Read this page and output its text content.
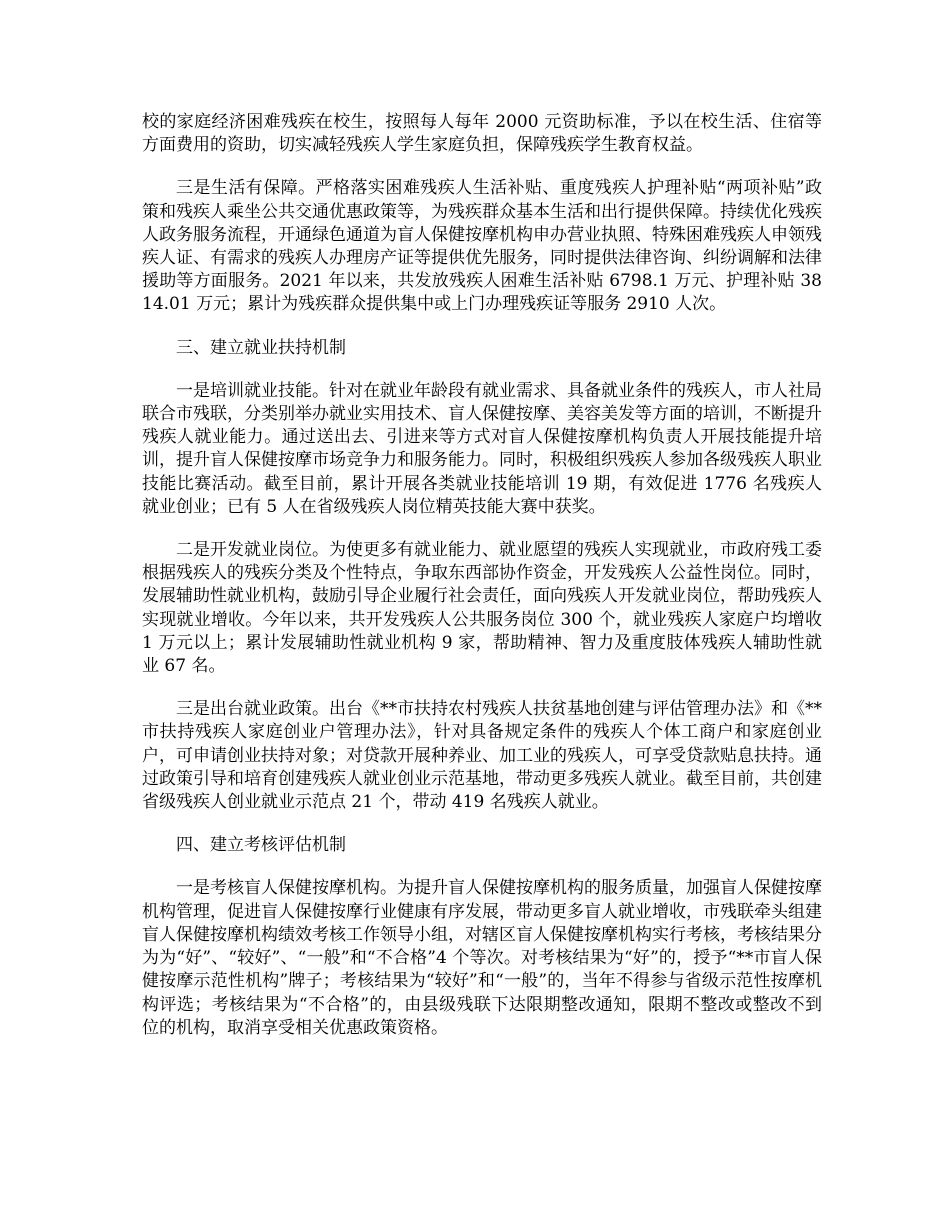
校的家庭经济困难残疾在校生，按照每人每年 2000 元资助标准，予以在校生活、住宿等方面费用的资助，切实减轻残疾人学生家庭负担，保障残疾学生教育权益。

三是生活有保障。严格落实困难残疾人生活补贴、重度残疾人护理补贴“两项补贴”政策和残疾人乘坐公共交通优惠政策等，为残疾群众基本生活和出行提供保障。持续优化残疾人政务服务流程，开通绿色通道为盲人保健按摩机构申办营业执照、特殊困难残疾人申领残疾人证、有需求的残疾人办理房产证等提供优先服务，同时提供法律咨询、纠纷调解和法律援助等方面服务。2021 年以来，共发放残疾人困难生活补贴 6798.1 万元、护理补贴 3814.01 万元；累计为残疾群众提供集中或上门办理残疾证等服务 2910 人次。

三、建立就业扶持机制

一是培训就业技能。针对在就业年龄段有就业需求、具备就业条件的残疾人，市人社局联合市残联，分类别举办就业实用技术、盲人保健按摩、美容美发等方面的培训，不断提升残疾人就业能力。通过送出去、引进来等方式对盲人保健按摩机构负责人开展技能提升培训，提升盲人保健按摩市场竞争力和服务能力。同时，积极组织残疾人参加各级残疾人职业技能比赛活动。截至目前，累计开展各类就业技能培训 19 期，有效促进 1776 名残疾人就业创业；已有 5 人在省级残疾人岗位精英技能大赛中获奖。

二是开发就业岗位。为使更多有就业能力、就业愿望的残疾人实现就业，市政府残工委根据残疾人的残疾分类及个性特点，争取东西部协作资金，开发残疾人公益性岗位。同时，发展辅助性就业机构，鼓励引导企业履行社会责任，面向残疾人开发就业岗位，帮助残疾人实现就业增收。今年以来，共开发残疾人公共服务岗位 300 个，就业残疾人家庭户均增收 1 万元以上；累计发展辅助性就业机构 9 家，帮助精神、智力及重度肢体残疾人辅助性就业 67 名。

三是出台就业政策。出台《**市扶持农村残疾人扶贫基地创建与评估管理办法》和《**市扶持残疾人家庭创业户管理办法》，针对具备规定条件的残疾人个体工商户和家庭创业户，可申请创业扶持对象；对贷款开展种养业、加工业的残疾人，可享受贷款贴息扶持。通过政策引导和培育创建残疾人就业创业示范基地，带动更多残疾人就业。截至目前，共创建省级残疾人创业就业示范点 21 个，带动 419 名残疾人就业。

四、建立考核评估机制

一是考核盲人保健按摩机构。为提升盲人保健按摩机构的服务质量，加强盲人保健按摩机构管理，促进盲人保健按摩行业健康有序发展，带动更多盲人就业增收，市残联牵头组建盲人保健按摩机构绩效考核工作领导小组，对辖区盲人保健按摩机构实行考核，考核结果分为为“好”、“较好”、“一般”和“不合格”4 个等次。对考核结果为“好”的，授予“**市盲人保健按摩示范性机构”牌子；考核结果为“较好”和“一般”的，当年不得参与省级示范性按摩机构评选；考核结果为“不合格”的，由县级残联下达限期整改通知，限期不整改或整改不到位的机构，取消享受相关优惠政策资格。
